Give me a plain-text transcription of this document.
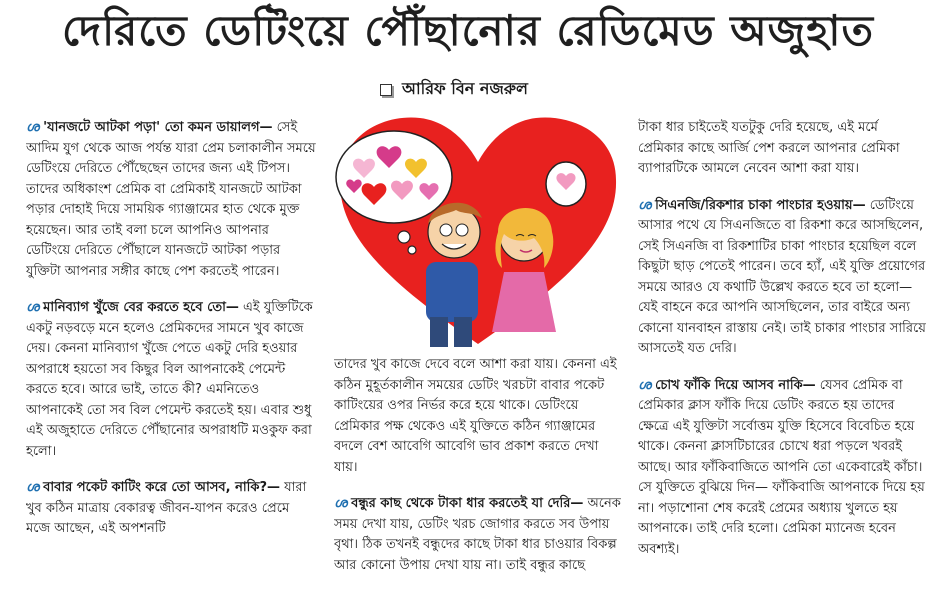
দেরিতে ডেটিংয়ে পৌঁছানোর রেডিমেড অজুহাত
আরিফ বিন নজরুল

ശ 'যানজটে আটকা পড়া' তো কমন ডায়ালগ— সেই আদিম যুগ থেকে আজ পর্যন্ত যারা প্রেম চলাকালীন সময়ে ডেটিংয়ে দেরিতে পৌঁছেছেন তাদের জন্য এই টিপস। তাদের অধিকাংশ প্রেমিক বা প্রেমিকাই যানজটে আটকা পড়ার দোহাই দিয়ে সাময়িক গ্যাঞ্জামের হাত থেকে মুক্ত হয়েছেন। আর তাই বলা চলে আপনিও আপনার ডেটিংয়ে দেরিতে পৌঁছালে যানজটে আটকা পড়ার যুক্তিটা আপনার সঙ্গীর কাছে পেশ করতেই পারেন।

ശ মানিব্যাগ খুঁজে বের করতে হবে তো— এই যুক্তিটিকে একটু নড়বড়ে মনে হলেও প্রেমিকদের সামনে খুব কাজে দেয়। কেননা মানিব্যাগ খুঁজে পেতে একটু দেরি হওয়ার অপরাধে হয়তো সব কিছুর বিল আপনাকেই পেমেন্ট করতে হবে। আরে ভাই, তাতে কী? এমনিতেও আপনাকেই তো সব বিল পেমেন্ট করতেই হয়। এবার শুধু এই অজুহাতে দেরিতে পৌঁছানোর অপরাধটি মওকুফ করা হলো।

ശ বাবার পকেট কাটিং করে তো আসব, নাকি?— যারা খুব কঠিন মাত্রায় বেকারত্ব জীবন-যাপন করেও প্রেমে মজে আছেন, এই অপশনটি

তাদের খুব কাজে দেবে বলে আশা করা যায়। কেননা এই কঠিন মুহূর্তকালীন সময়ের ডেটিং খরচটা বাবার পকেট কাটিংয়ের ওপর নির্ভর করে হয়ে থাকে। ডেটিংয়ে প্রেমিকার পক্ষ থেকেও এই যুক্তিতে কঠিন গ্যাঞ্জামের বদলে বেশ আবেগি আবেগি ভাব প্রকাশ করতে দেখা যায়।

ശ বন্ধুর কাছ থেকে টাকা ধার করতেই যা দেরি— অনেক সময় দেখা যায়, ডেটিং খরচ জোগার করতে সব উপায় বৃথা। ঠিক তখনই বন্ধুদের কাছে টাকা ধার চাওয়ার বিকল্প আর কোনো উপায় দেখা যায় না। তাই বন্ধুর কাছে

টাকা ধার চাইতেই যতটুকু দেরি হয়েছে, এই মর্মে প্রেমিকার কাছে আর্জি পেশ করলে আপনার প্রেমিকা ব্যাপারটিকে আমলে নেবেন আশা করা যায়।

ശ সিএনজি/রিকশার চাকা পাংচার হওয়ায়— ডেটিংয়ে আসার পথে যে সিএনজিতে বা রিকশা করে আসছিলেন, সেই সিএনজি বা রিকশাটির চাকা পাংচার হয়েছিল বলে কিছুটা ছাড় পেতেই পারেন। তবে হ্যাঁ, এই যুক্তি প্রয়োগের সময়ে আরও যে কথাটি উল্লেখ করতে হবে তা হলো— যেই বাহনে করে আপনি আসছিলেন, তার বাইরে অন্য কোনো যানবাহন রাস্তায় নেই। তাই চাকার পাংচার সারিয়ে আসতেই যত দেরি।

ശ চোখ ফাঁকি দিয়ে আসব নাকি— যেসব প্রেমিক বা প্রেমিকার ক্লাস ফাঁকি দিয়ে ডেটিং করতে হয় তাদের ক্ষেত্রে এই যুক্তিটা সর্বোত্তম যুক্তি হিসেবে বিবেচিত হয়ে থাকে। কেননা ক্লাসটিচারের চোখে ধরা পড়লে খবরই আছে। আর ফাঁকিবাজিতে আপনি তো একেবারেই কাঁচা। সে যুক্তিতে বুঝিয়ে দিন— ফাঁকিবাজি আপনাকে দিয়ে হয় না। পড়াশোনা শেষ করেই প্রেমের অধ্যায় খুলতে হয় আপনাকে। তাই দেরি হলো। প্রেমিকা ম্যানেজ হবেন অবশ্যই।
